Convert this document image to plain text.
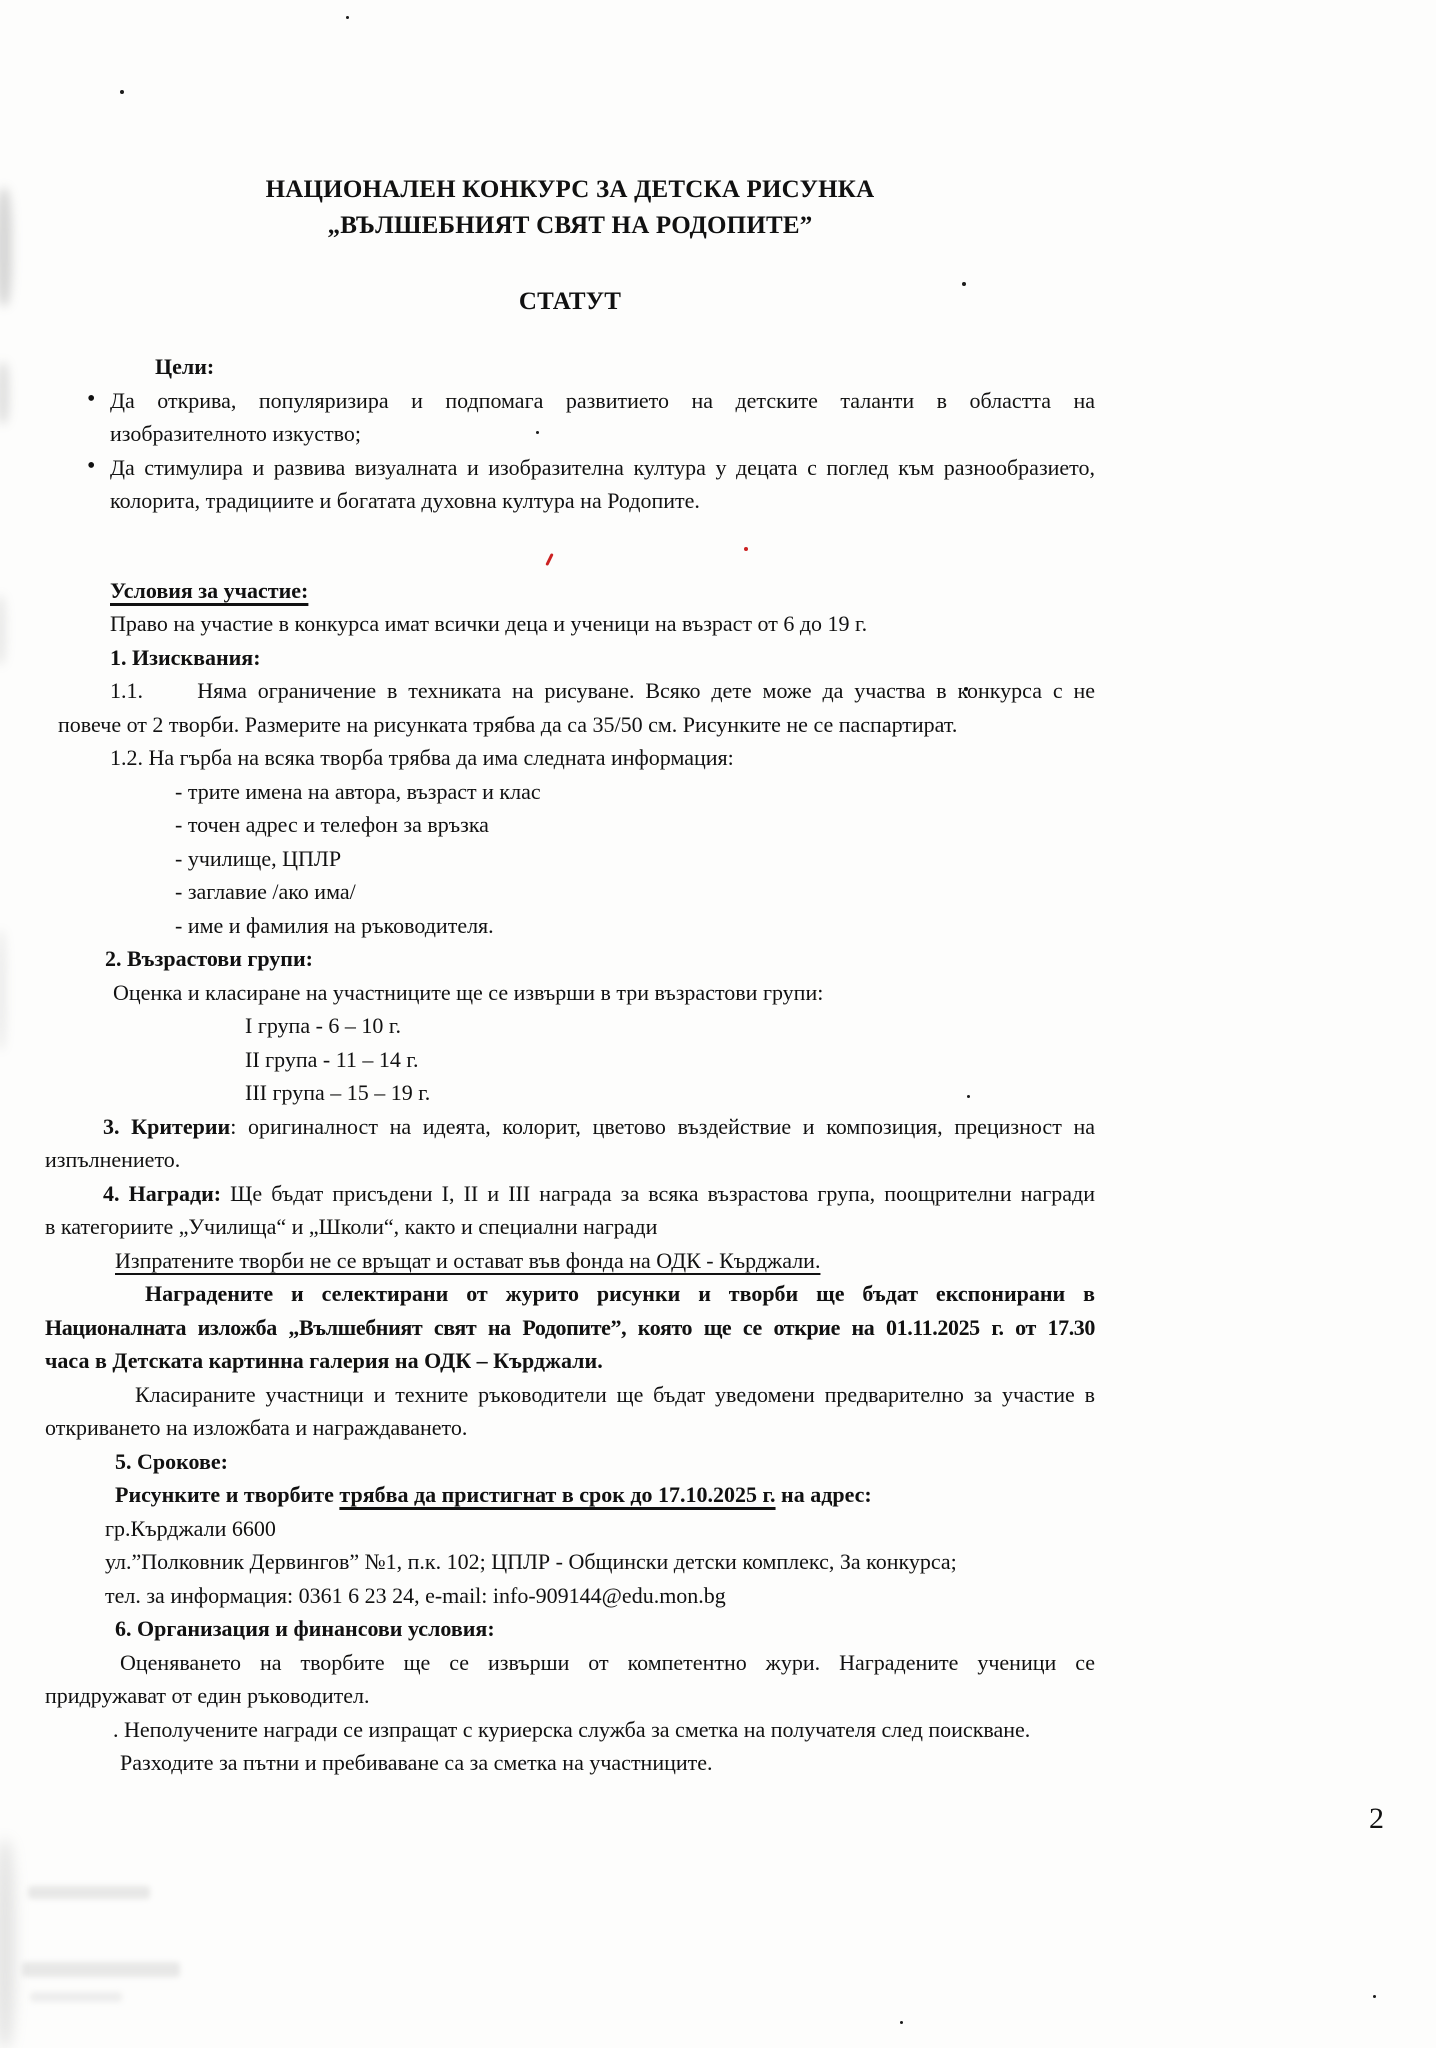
НАЦИОНАЛЕН КОНКУРС ЗА ДЕТСКА РИСУНКА
„ВЪЛШЕБНИЯТ СВЯТ НА РОДОПИТЕ”
СТАТУТ
Цели:
• Да открива, популяризира и подпомага развитието на детските таланти в областта на
изобразителното изкуство;
• Да стимулира и развива визуалната и изобразителна култура у децата с поглед към разнообразието,
колорита, традициите и богатата духовна култура на Родопите.
Условия за участие:
Право на участие в конкурса имат всички деца и ученици на възраст от 6 до 19 г.
1. Изисквания:
1.1.     Няма ограничение в техниката на рисуване. Всяко дете може да участва в конкурса с не
повече от 2 творби. Размерите на рисунката трябва да са 35/50 см. Рисунките не се паспартират.
1.2. На гърба на всяка творба трябва да има следната информация:
- трите имена на автора, възраст и клас
- точен адрес и телефон за връзка
- училище, ЦПЛР
- заглавие /ако има/
- име и фамилия на ръководителя.
2. Възрастови групи:
Оценка и класиране на участниците ще се извърши в три възрастови групи:
I група - 6 – 10 г.
II група - 11 – 14 г.
III група – 15 – 19 г.
3. Критерии: оригиналност на идеята, колорит, цветово въздействие и композиция, прецизност на
изпълнението.
4. Награди: Ще бъдат присъдени I, II и III награда за всяка възрастова група, поощрителни награди
в категориите „Училища“ и „Школи“, както и специални награди
Изпратените творби не се връщат и остават във фонда на ОДК - Кърджали.
Наградените и селектирани от журито рисунки и творби ще бъдат експонирани в
Националната изложба „Вълшебният свят на Родопите”, която ще се открие на 01.11.2025 г. от 17.30
часа в Детската картинна галерия на ОДК – Кърджали.
Класираните участници и техните ръководители ще бъдат уведомени предварително за участие в
откриването на изложбата и награждаването.
5. Срокове:
Рисунките и творбите трябва да пристигнат в срок до 17.10.2025 г. на адрес:
гр.Кърджали 6600
ул.”Полковник Дервингов” №1, п.к. 102; ЦПЛР - Общински детски комплекс, За конкурса;
тел. за информация: 0361 6 23 24, e-mail: info-909144@edu.mon.bg
6. Организация и финансови условия:
Оценяването на творбите ще се извърши от компетентно жури. Наградените ученици се
придружават от един ръководител.
. Неполучените награди се изпращат с куриерска служба за сметка на получателя след поискване.
Разходите за пътни и пребиваване са за сметка на участниците.
2
